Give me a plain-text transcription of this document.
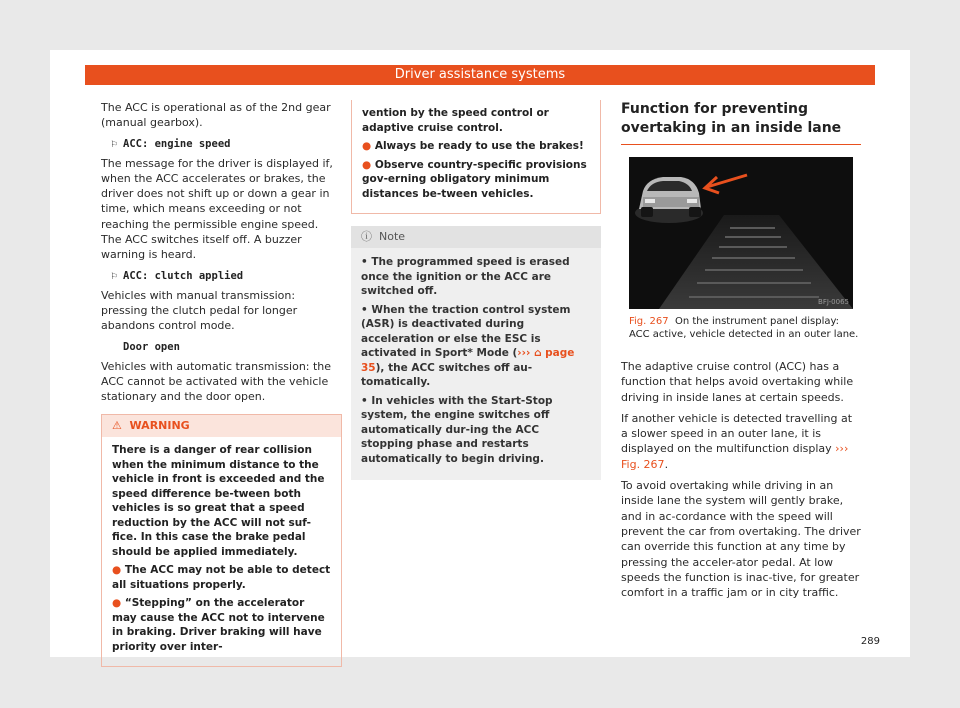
Driver assistance systems

The ACC is operational as of the 2nd gear (manual gearbox).

⚐ ACC: engine speed

The message for the driver is displayed if, when the ACC accelerates or brakes, the driver does not shift up or down a gear in time, which means exceeding or not reaching the permissible engine speed. The ACC switches itself off. A buzzer warning is heard.

⚐ ACC: clutch applied

Vehicles with manual transmission: pressing the clutch pedal for longer abandons control mode.

Door open

Vehicles with automatic transmission: the ACC cannot be activated with the vehicle stationary and the door open.

⚠ WARNING

There is a danger of rear collision when the minimum distance to the vehicle in front is exceeded and the speed difference be-tween both vehicles is so great that a speed reduction by the ACC will not suf-fice. In this case the brake pedal should be applied immediately.

● The ACC may not be able to detect all situations properly.

● “Stepping” on the accelerator may cause the ACC not to intervene in braking. Driver braking will have priority over inter-

vention by the speed control or adaptive cruise control.

● Always be ready to use the brakes!

● Observe country-specific provisions gov-erning obligatory minimum distances be-tween vehicles.

ⓘ Note

• The programmed speed is erased once the ignition or the ACC are switched off.

• When the traction control system (ASR) is deactivated during acceleration or else the ESC is activated in Sport* Mode (››› ⌂ page 35), the ACC switches off au-tomatically.

• In vehicles with the Start-Stop system, the engine switches off automatically dur-ing the ACC stopping phase and restarts automatically to begin driving.

Function for preventing overtaking in an inside lane
BFJ-0065
Fig. 267 On the instrument panel display: ACC active, vehicle detected in an outer lane.

The adaptive cruise control (ACC) has a function that helps avoid overtaking while driving in inside lanes at certain speeds.

If another vehicle is detected travelling at a slower speed in an outer lane, it is displayed on the multifunction display ››› Fig. 267.

To avoid overtaking while driving in an inside lane the system will gently brake, and in ac-cordance with the speed will prevent the car from overtaking. The driver can override this function at any time by pressing the acceler-ator pedal. At low speeds the function is inac-tive, for greater comfort in a traffic jam or in city traffic.

289
